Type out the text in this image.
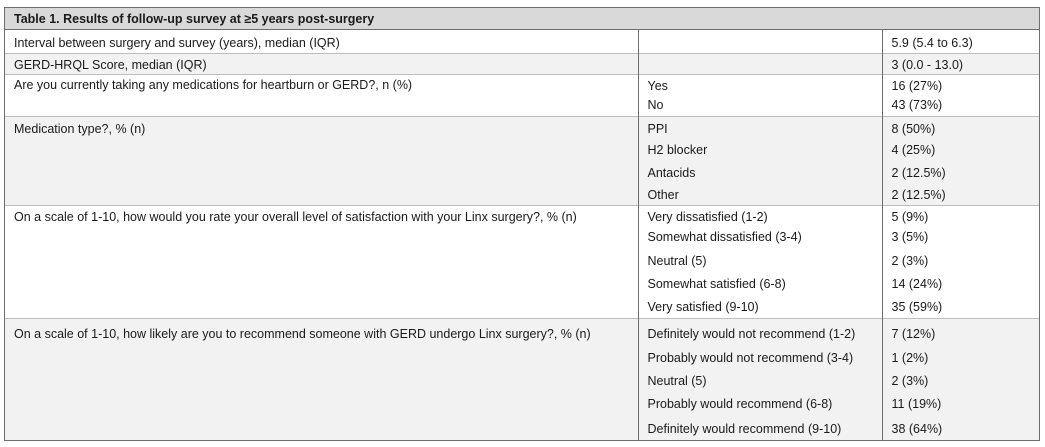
Table 1. Results of follow-up survey at ≥5 years post-surgery
Interval between surgery and survey (years), median (IQR)		5.9 (5.4 to 6.3)
GERD-HRQL Score, median (IQR)		3 (0.0 - 13.0)
Are you currently taking any medications for heartburn or GERD?, n (%)	Yes	16 (27%)
	No	43 (73%)
Medication type?, % (n)	PPI	8 (50%)
	H2 blocker	4 (25%)
	Antacids	2 (12.5%)
	Other	2 (12.5%)
On a scale of 1-10, how would you rate your overall level of satisfaction with your Linx surgery?, % (n)	Very dissatisfied (1-2)	5 (9%)
	Somewhat dissatisfied (3-4)	3 (5%)
	Neutral (5)	2 (3%)
	Somewhat satisfied (6-8)	14 (24%)
	Very satisfied (9-10)	35 (59%)
On a scale of 1-10, how likely are you to recommend someone with GERD undergo Linx surgery?, % (n)	Definitely would not recommend (1-2)	7 (12%)
	Probably would not recommend (3-4)	1 (2%)
	Neutral (5)	2 (3%)
	Probably would recommend (6-8)	11 (19%)
	Definitely would recommend (9-10)	38 (64%)
